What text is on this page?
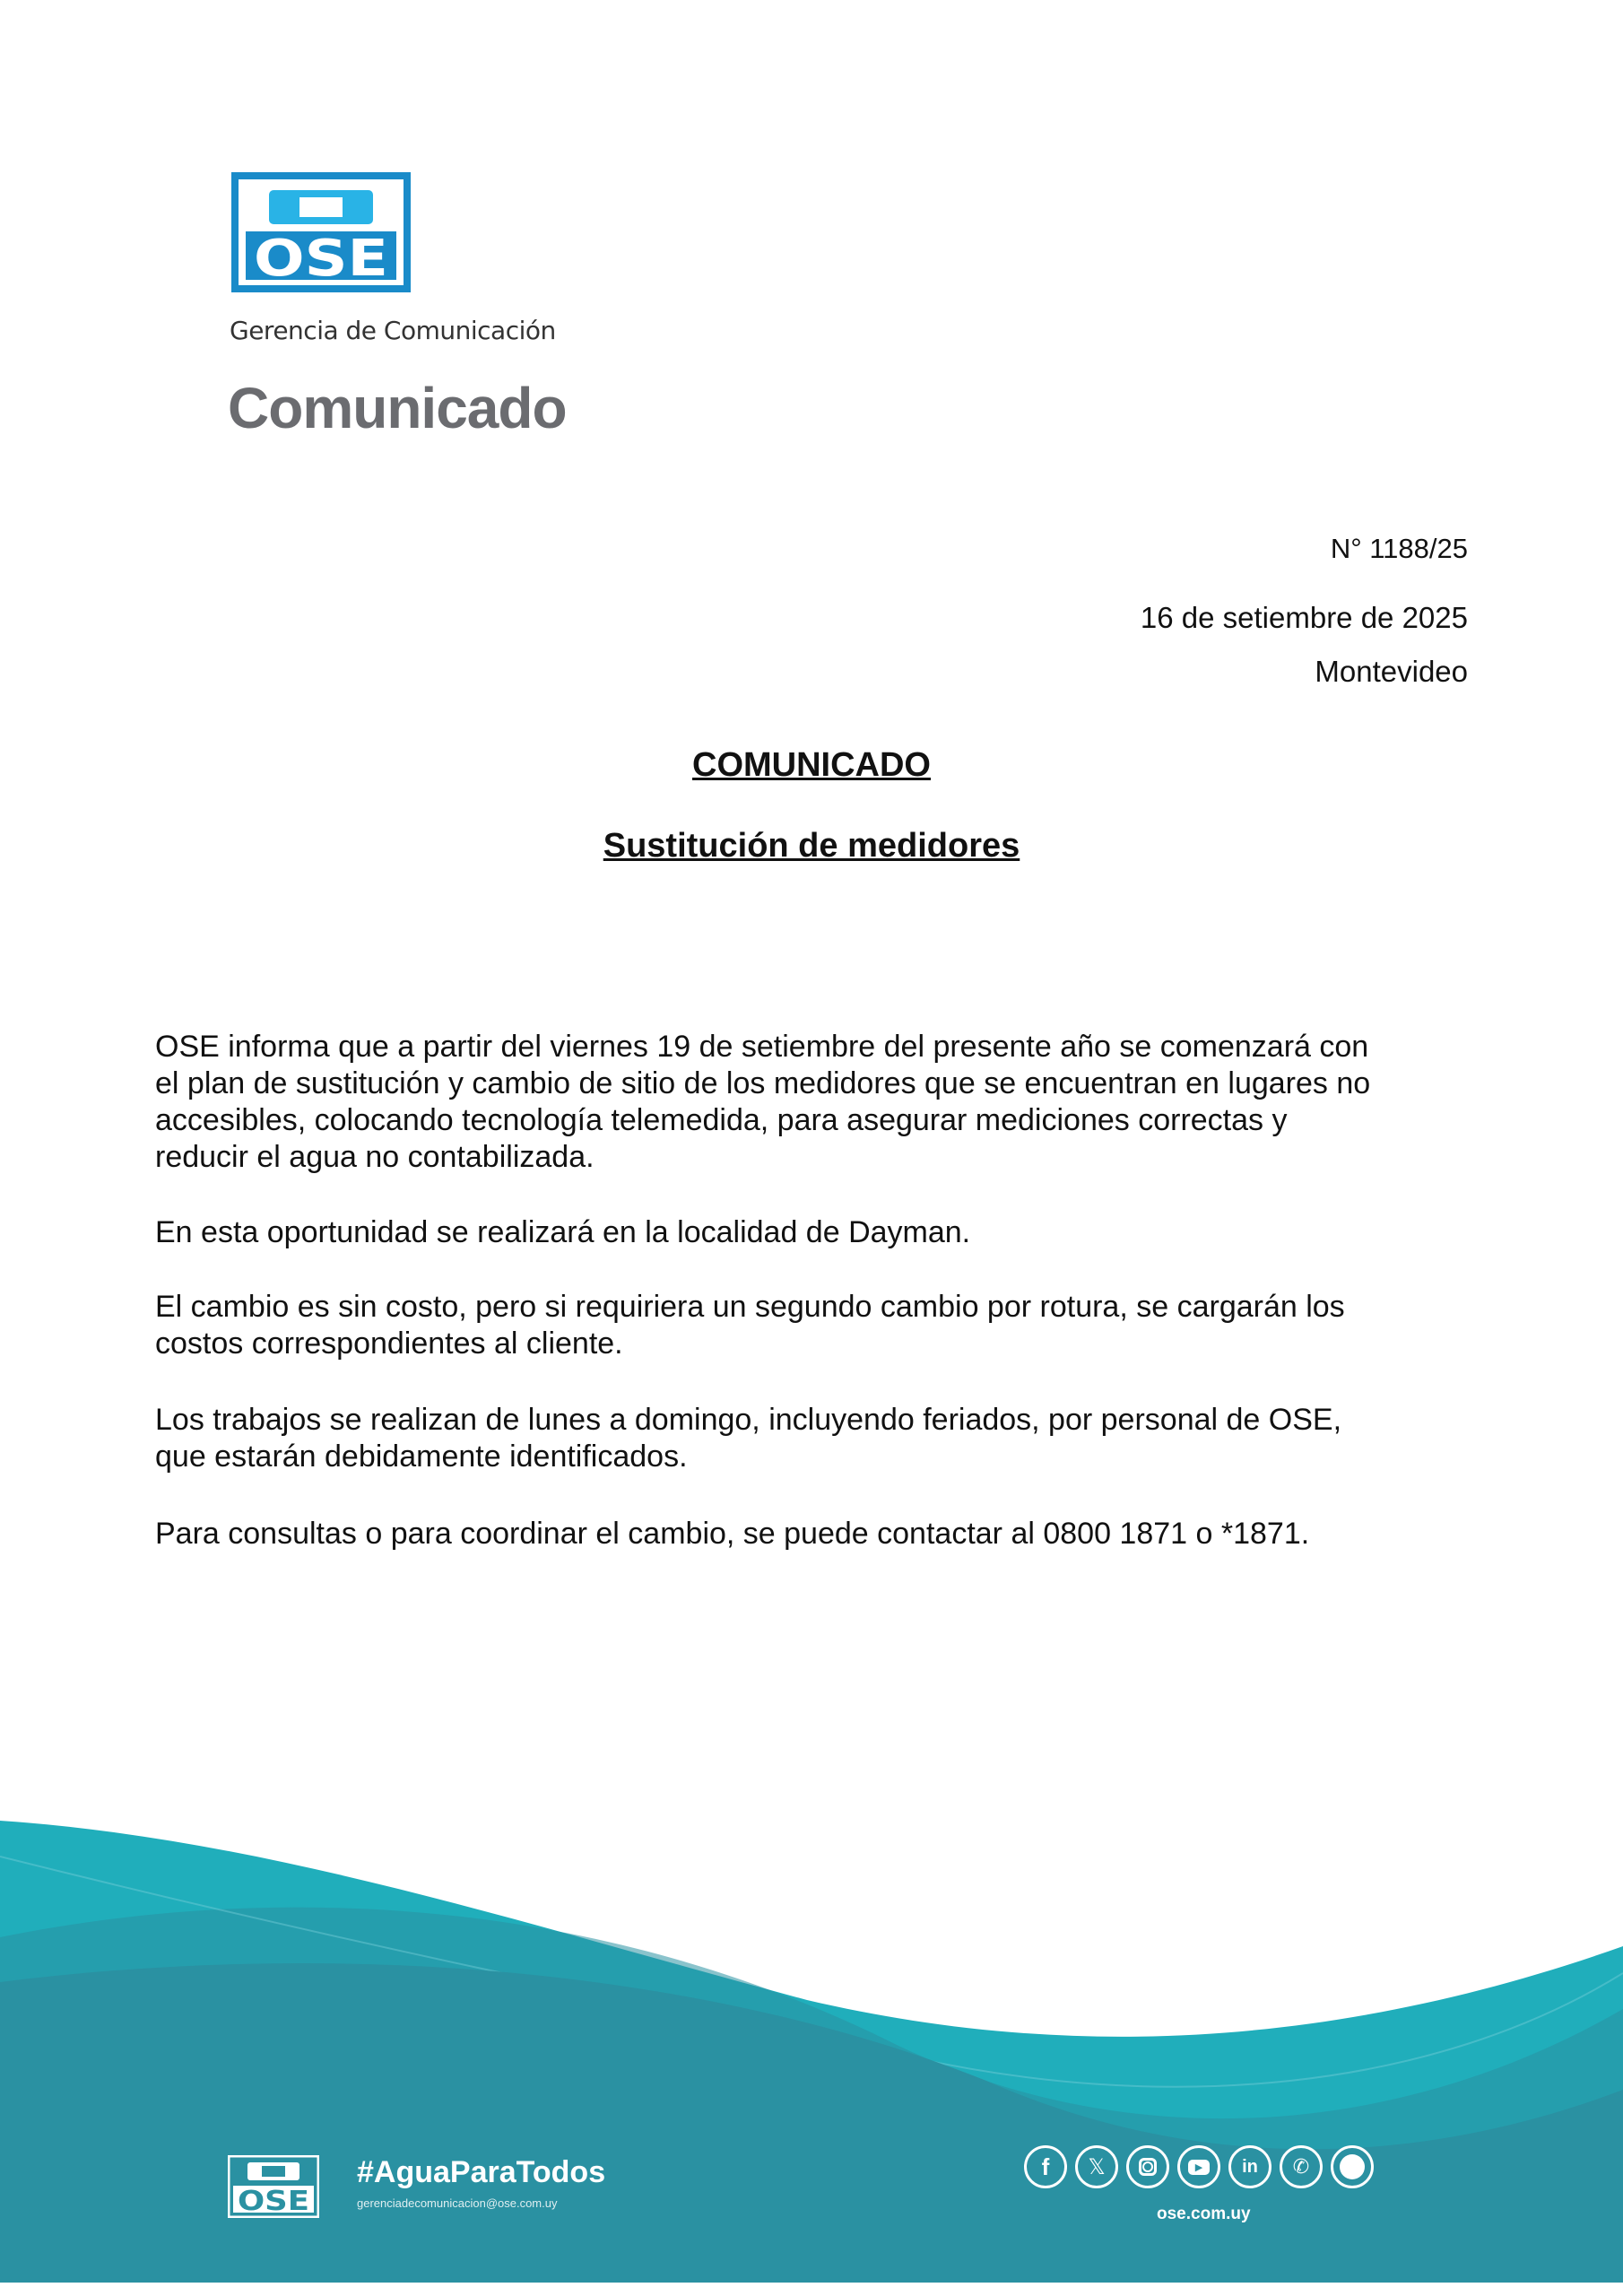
OSE
Gerencia de Comunicación
Comunicado
N° 1188/25
16 de setiembre de 2025
Montevideo
COMUNICADO
Sustitución de medidores
OSE informa que a partir del viernes 19 de setiembre del presente año se comenzará con
el plan de sustitución y cambio de sitio de los medidores que se encuentran en lugares no
accesibles, colocando tecnología telemedida, para asegurar mediciones correctas y
reducir el agua no contabilizada.
En esta oportunidad se realizará en la localidad de Dayman.
El cambio es sin costo, pero si requiriera un segundo cambio por rotura, se cargarán los
costos correspondientes al cliente.
Los trabajos se realizan de lunes a domingo, incluyendo feriados, por personal de OSE,
que estarán debidamente identificados.
Para consultas o para coordinar el cambio, se puede contactar al 0800 1871 o *1871.
OSE
#AguaParaTodos
gerenciadecomunicacion@ose.com.uy
f	𝕏	▶	in	✆
ose.com.uy
